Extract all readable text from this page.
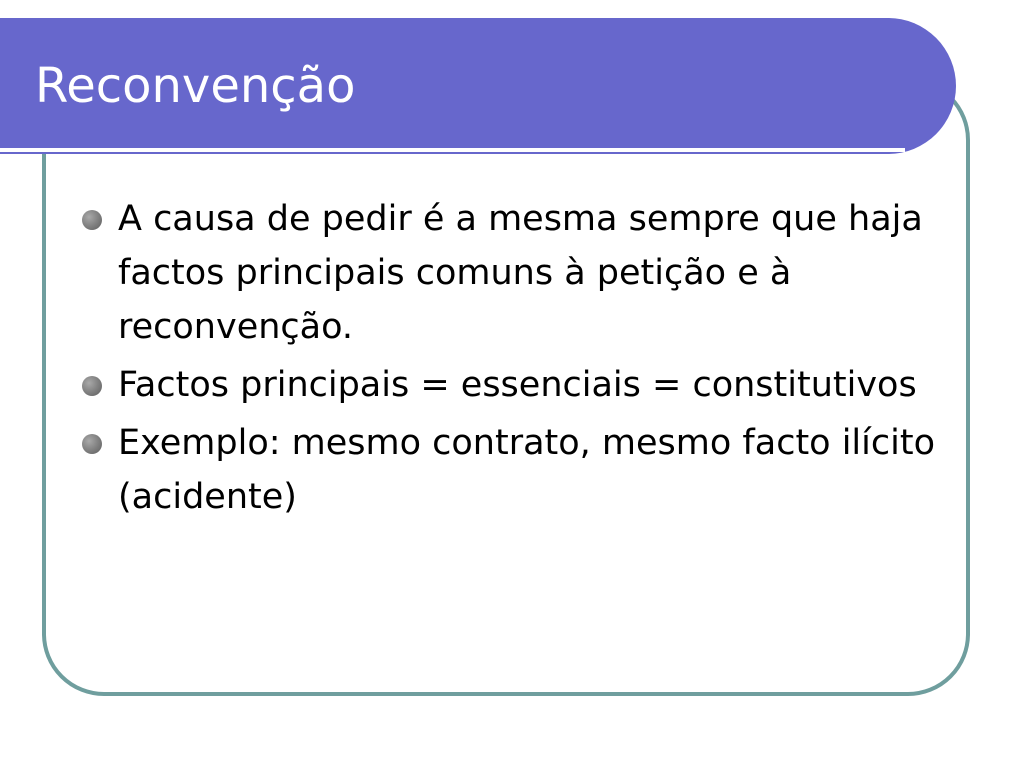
Reconvenção
A causa de pedir é a mesma sempre que haja factos principais comuns à petição e à reconvenção.
Factos principais = essenciais = constitutivos
Exemplo: mesmo contrato, mesmo facto ilícito (acidente)
